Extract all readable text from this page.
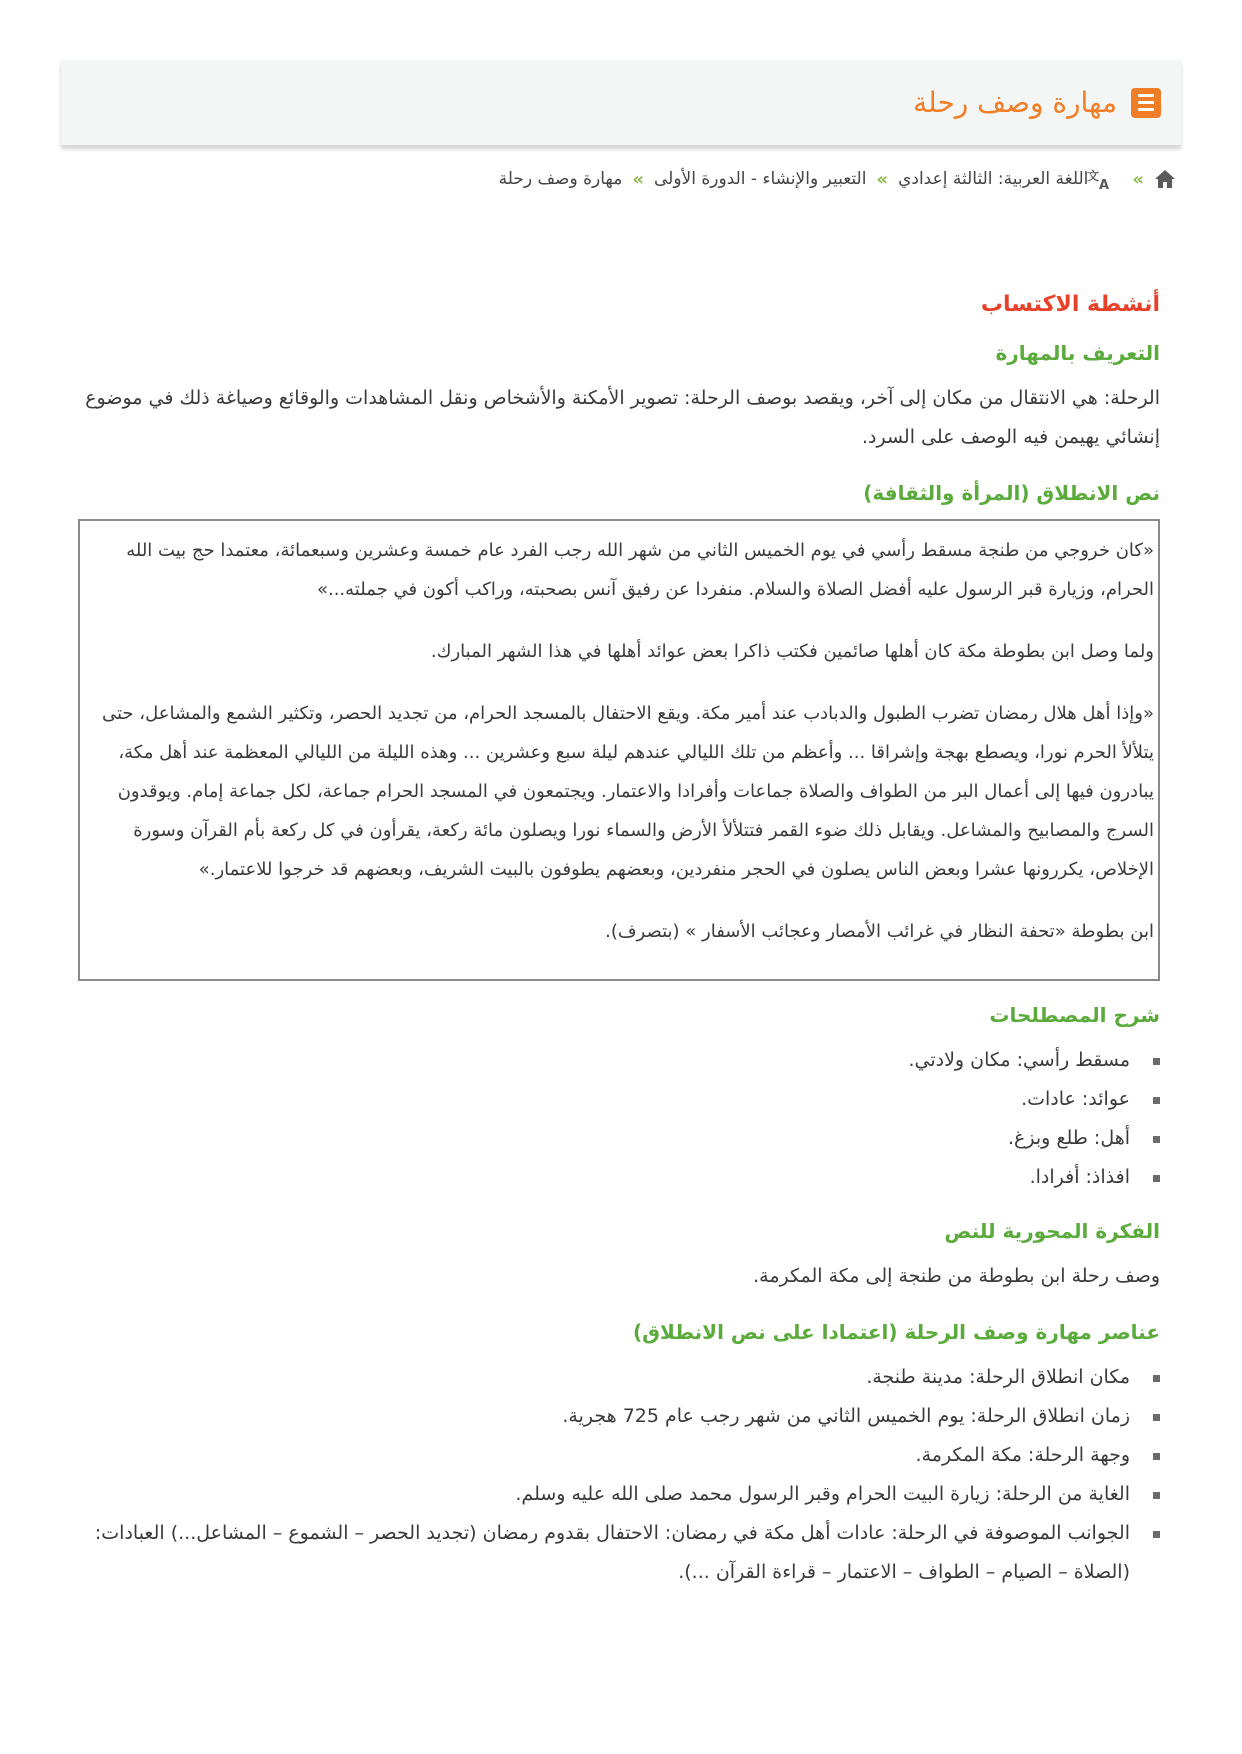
مهارة وصف رحلة
»
文
A
اللغة العربية: الثالثة إعدادي
»
التعبير والإنشاء - الدورة الأولى
»
مهارة وصف رحلة
أنشطة الاكتساب
التعريف بالمهارة

الرحلة: هي الانتقال من مكان إلى آخر، ويقصد بوصف الرحلة: تصوير الأمكنة والأشخاص ونقل المشاهدات والوقائع وصياغة ذلك في موضوع إنشائي يهيمن فيه الوصف على السرد.

نص الانطلاق (المرأة والثقافة)

«كان خروجي من طنجة مسقط رأسي في يوم الخميس الثاني من شهر الله رجب الفرد عام خمسة وعشرين وسبعمائة، معتمدا حج بيت الله الحرام، وزيارة قبر الرسول عليه أفضل الصلاة والسلام. منفردا عن رفيق آنس بصحبته، وراكب أكون في جملته...»

ولما وصل ابن بطوطة مكة كان أهلها صائمين فكتب ذاكرا بعض عوائد أهلها في هذا الشهر المبارك.

«وإذا أهل هلال رمضان تضرب الطبول والدبادب عند أمير مكة. ويقع الاحتفال بالمسجد الحرام، من تجديد الحصر، وتكثير الشمع والمشاعل، حتى يتلألأ الحرم نورا، ويصطع بهجة وإشراقا ... وأعظم من تلك الليالي عندهم ليلة سبع وعشرين ... وهذه الليلة من الليالي المعظمة عند أهل مكة، يبادرون فيها إلى أعمال البر من الطواف والصلاة جماعات وأفرادا والاعتمار. ويجتمعون في المسجد الحرام جماعة، لكل جماعة إمام. ويوقدون السرج والمصابيح والمشاعل. ويقابل ذلك ضوء القمر فتتلألأ الأرض والسماء نورا ويصلون مائة ركعة، يقرأون في كل ركعة بأم القرآن وسورة الإخلاص، يكررونها عشرا وبعض الناس يصلون في الحجر منفردين، وبعضهم يطوفون بالبيت الشريف، وبعضهم قد خرجوا للاعتمار.»

ابن بطوطة «تحفة النظار في غرائب الأمصار وعجائب الأسفار » (بتصرف).

شرح المصطلحات
مسقط رأسي: مكان ولادتي.
عوائد: عادات.
أهل: طلع وبزغ.
افذاذ: أفرادا.
الفكرة المحورية للنص

وصف رحلة ابن بطوطة من طنجة إلى مكة المكرمة.

عناصر مهارة وصف الرحلة (اعتمادا على نص الانطلاق)
مكان انطلاق الرحلة: مدينة طنجة.
زمان انطلاق الرحلة: يوم الخميس الثاني من شهر رجب عام 725 هجرية.
وجهة الرحلة: مكة المكرمة.
الغاية من الرحلة: زيارة البيت الحرام وقبر الرسول محمد صلى الله عليه وسلم.
الجوانب الموصوفة في الرحلة: عادات أهل مكة في رمضان: الاحتفال بقدوم رمضان (تجديد الحصر – الشموع – المشاعل...) العبادات: (الصلاة – الصيام – الطواف – الاعتمار – قراءة القرآن ...).
